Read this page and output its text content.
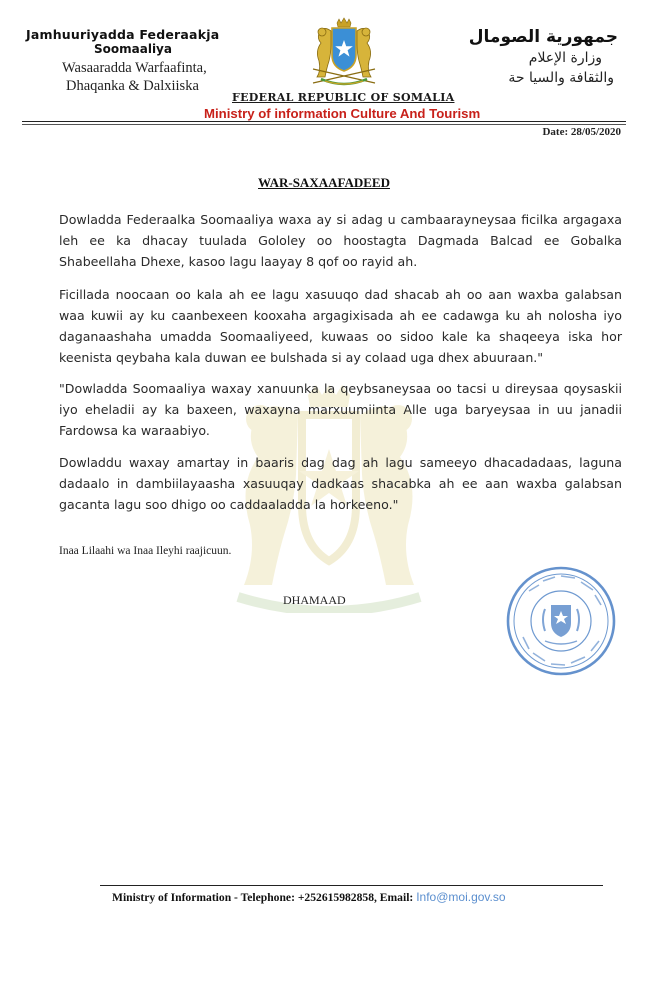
Jamhuuriyadda Federaakja
Soomaaliya
Wasaaradda Warfaafinta,
Dhaqanka & Dalxiiska
جمهورية الصومال
وزارة الإعلام
والثقافة والسيا حة
FEDERAL REPUBLIC OF SOMALIA
Ministry of information Culture And Tourism
Date: 28/05/2020
WAR-SAXAAFADEED
Dowladda Federaalka Soomaaliya waxa ay si adag u cambaarayneysaa ficilka argagaxa leh ee ka dhacay tuulada Gololey oo hoostagta Dagmada Balcad ee Gobalka Shabeellaha Dhexe, kasoo lagu laayay 8 qof oo rayid ah.
Ficillada noocaan oo kala ah ee lagu xasuuqo dad shacab ah oo aan waxba galabsan waa kuwii ay ku caanbexeen kooxaha argagixisada ah ee cadawga ku ah nolosha iyo daganaashaha umadda Soomaaliyeed, kuwaas oo sidoo kale ka shaqeeya iska hor keenista qeybaha kala duwan ee bulshada si ay colaad uga dhex abuuraan."
"Dowladda Soomaaliya waxay xanuunka la qeybsaneysaa oo tacsi u direysaa qoysaskii iyo eheladii ay ka baxeen, waxayna marxuumiinta Alle uga baryeysaa in uu janadii Fardowsa ka waraabiyo.
Dowladdu waxay amartay in baaris dag dag ah lagu sameeyo dhacadadaas, laguna dadaalo in dambiilayaasha xasuuqay dadkaas shacabka ah ee aan waxba galabsan gacanta lagu soo dhigo oo caddaaladda la horkeeno."
Inaa Lilaahi wa Inaa Ileyhi raajicuun.
DHAMAAD
Ministry of Information - Telephone: +252615982858, Email: Info@moi.gov.so
